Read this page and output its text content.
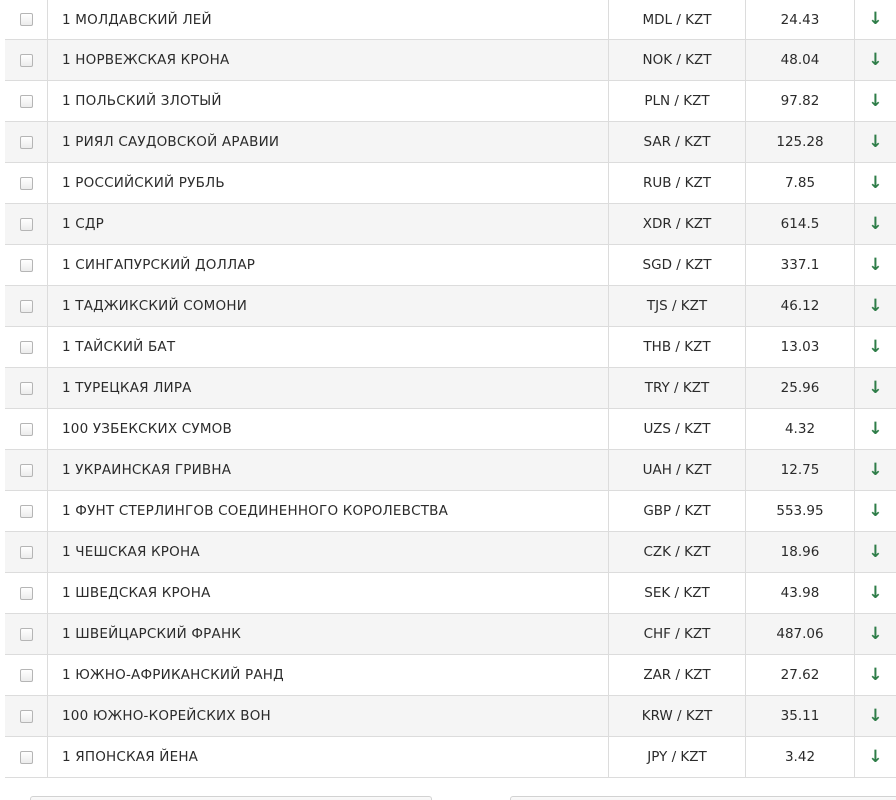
	1 МОЛДАВСКИЙ ЛЕЙ	MDL / KZT	24.43	↓
	1 НОРВЕЖСКАЯ КРОНА	NOK / KZT	48.04	↓
	1 ПОЛЬСКИЙ ЗЛОТЫЙ	PLN / KZT	97.82	↓
	1 РИЯЛ САУДОВСКОЙ АРАВИИ	SAR / KZT	125.28	↓
	1 РОССИЙСКИЙ РУБЛЬ	RUB / KZT	7.85	↓
	1 СДР	XDR / KZT	614.5	↓
	1 СИНГАПУРСКИЙ ДОЛЛАР	SGD / KZT	337.1	↓
	1 ТАДЖИКСКИЙ СОМОНИ	TJS / KZT	46.12	↓
	1 ТАЙСКИЙ БАТ	THB / KZT	13.03	↓
	1 ТУРЕЦКАЯ ЛИРА	TRY / KZT	25.96	↓
	100 УЗБЕКСКИХ СУМОВ	UZS / KZT	4.32	↓
	1 УКРАИНСКАЯ ГРИВНА	UAH / KZT	12.75	↓
	1 ФУНТ СТЕРЛИНГОВ СОЕДИНЕННОГО КОРОЛЕВСТВА	GBP / KZT	553.95	↓
	1 ЧЕШСКАЯ КРОНА	CZK / KZT	18.96	↓
	1 ШВЕДСКАЯ КРОНА	SEK / KZT	43.98	↓
	1 ШВЕЙЦАРСКИЙ ФРАНК	CHF / KZT	487.06	↓
	1 ЮЖНО-АФРИКАНСКИЙ РАНД	ZAR / KZT	27.62	↓
	100 ЮЖНО-КОРЕЙСКИХ ВОН	KRW / KZT	35.11	↓
	1 ЯПОНСКАЯ ЙЕНА	JPY / KZT	3.42	↓
